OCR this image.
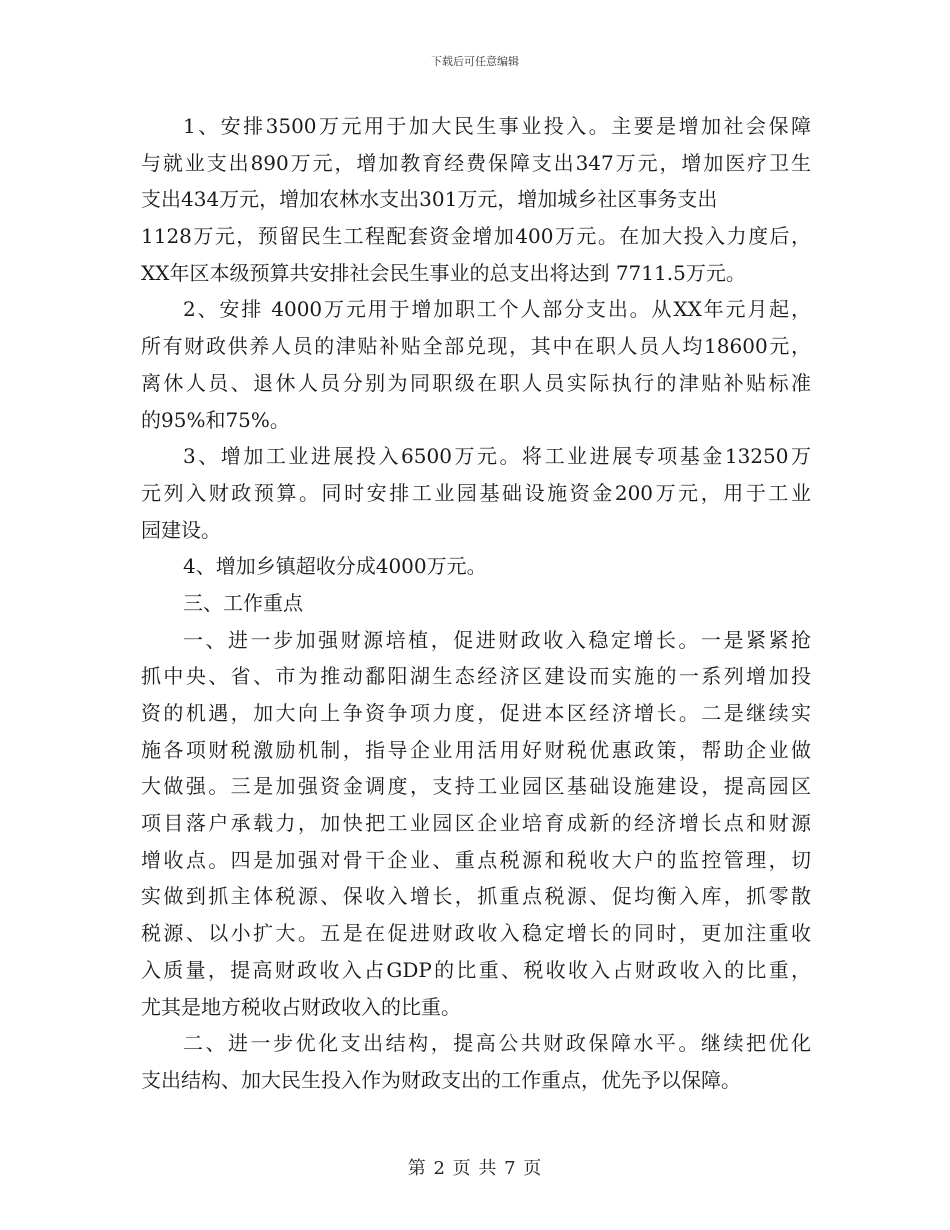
下载后可任意编辑
1、安排3500万元用于加大民生事业投入。主要是增加社会保障
与就业支出890万元，增加教育经费保障支出347万元，增加医疗卫生
支出434万元，增加农林水支出301万元，增加城乡社区事务支出
1128万元，预留民生工程配套资金增加400万元。在加大投入力度后，
XX年区本级预算共安排社会民生事业的总支出将达到 7711.5万元。
2、安排 4000万元用于增加职工个人部分支出。从XX年元月起，
所有财政供养人员的津贴补贴全部兑现，其中在职人员人均18600元，
离休人员、退休人员分别为同职级在职人员实际执行的津贴补贴标准
的95%和75%。
3、增加工业进展投入6500万元。将工业进展专项基金13250万
元列入财政预算。同时安排工业园基础设施资金200万元，用于工业
园建设。
4、增加乡镇超收分成4000万元。
三、工作重点
一、进一步加强财源培植，促进财政收入稳定增长。一是紧紧抢
抓中央、省、市为推动鄱阳湖生态经济区建设而实施的一系列增加投
资的机遇，加大向上争资争项力度，促进本区经济增长。二是继续实
施各项财税激励机制，指导企业用活用好财税优惠政策，帮助企业做
大做强。三是加强资金调度，支持工业园区基础设施建设，提高园区
项目落户承载力，加快把工业园区企业培育成新的经济增长点和财源
增收点。四是加强对骨干企业、重点税源和税收大户的监控管理，切
实做到抓主体税源、保收入增长，抓重点税源、促均衡入库，抓零散
税源、以小扩大。五是在促进财政收入稳定增长的同时，更加注重收
入质量，提高财政收入占GDP的比重、税收收入占财政收入的比重，
尤其是地方税收占财政收入的比重。
二、进一步优化支出结构，提高公共财政保障水平。继续把优化
支出结构、加大民生投入作为财政支出的工作重点，优先予以保障。
第 2 页 共 7 页
